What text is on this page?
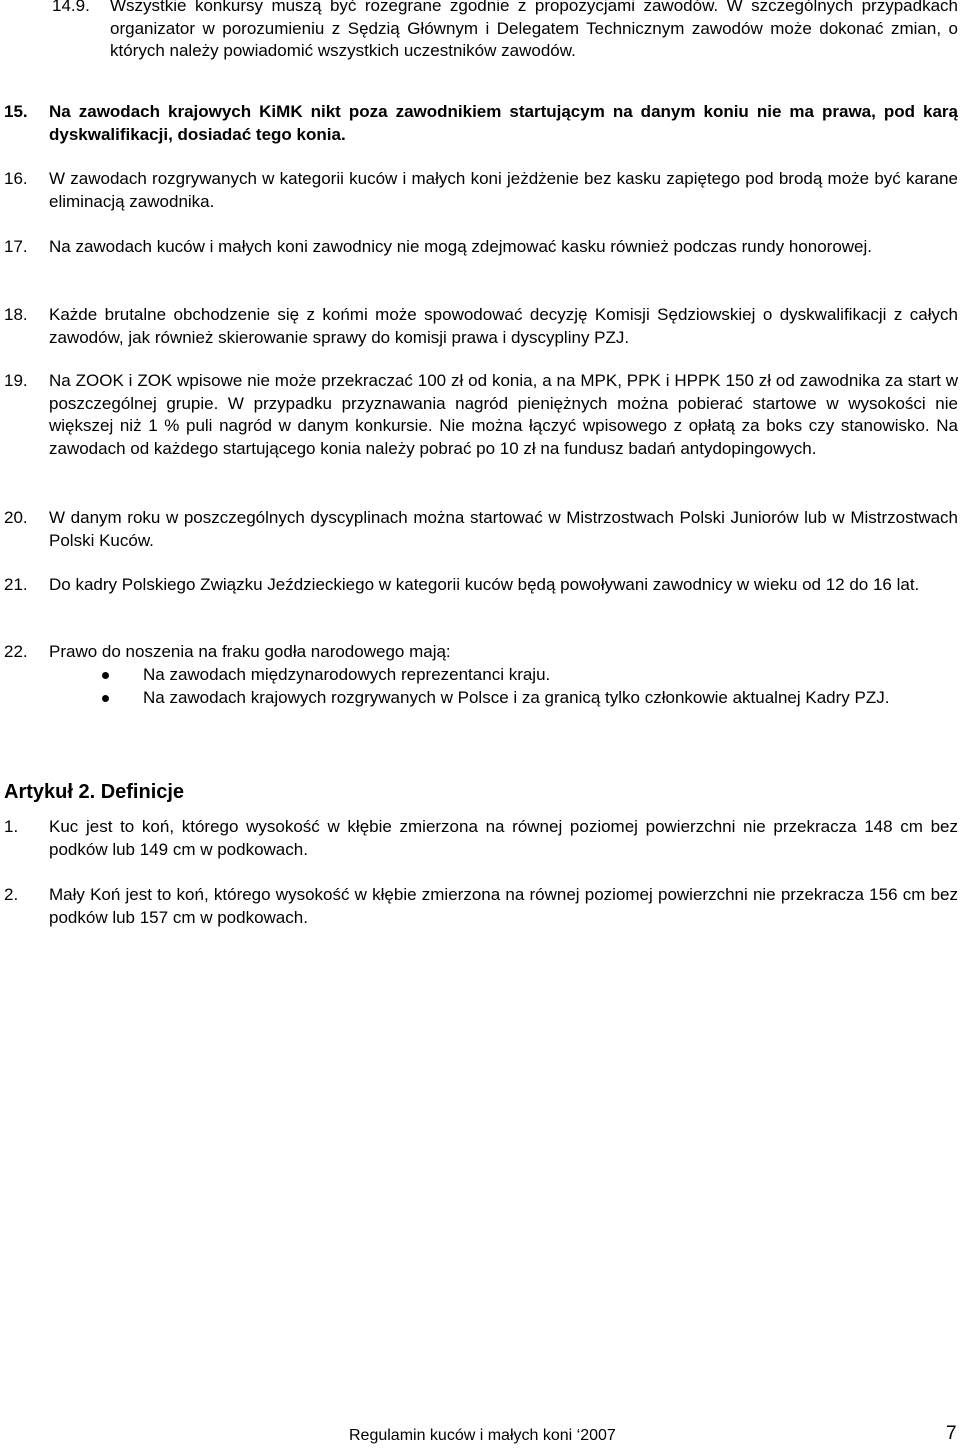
14.9. Wszystkie konkursy muszą być rozegrane zgodnie z propozycjami zawodów. W szczególnych przypadkach organizator w porozumieniu z Sędzią Głównym i Delegatem Technicznym zawodów może dokonać zmian, o których należy powiadomić wszystkich uczestników zawodów.
15. Na zawodach krajowych KiMK nikt poza zawodnikiem startującym na danym koniu nie ma prawa, pod karą dyskwalifikacji, dosiadać tego konia.
16. W zawodach rozgrywanych w kategorii kuców i małych koni jeżdżenie bez kasku zapiętego pod brodą może być karane eliminacją zawodnika.
17. Na zawodach kuców i małych koni zawodnicy nie mogą zdejmować kasku również podczas rundy honorowej.
18. Każde brutalne obchodzenie się z końmi może spowodować decyzję Komisji Sędziowskiej o dyskwalifikacji z całych zawodów, jak również skierowanie sprawy do komisji prawa i dyscypliny PZJ.
19. Na ZOOK i ZOK wpisowe nie może przekraczać 100 zł od konia, a na MPK, PPK i HPPK 150 zł od zawodnika za start w poszczególnej grupie. W przypadku przyznawania nagród pieniężnych można pobierać startowe w wysokości nie większej niż 1 % puli nagród w danym konkursie. Nie można łączyć wpisowego z opłatą za boks czy stanowisko. Na zawodach od każdego startującego konia należy pobrać po 10 zł na fundusz badań antydopingowych.
20. W danym roku w poszczególnych dyscyplinach można startować w Mistrzostwach Polski Juniorów lub w Mistrzostwach Polski Kuców.
21. Do kadry Polskiego Związku Jeździeckiego w kategorii kuców będą powoływani zawodnicy w wieku od 12 do 16 lat.
22. Prawo do noszenia na fraku godła narodowego mają:
Na zawodach międzynarodowych reprezentanci kraju.
Na zawodach krajowych rozgrywanych w Polsce i za granicą tylko członkowie aktualnej Kadry PZJ.
Artykuł 2. Definicje
1. Kuc jest to koń, którego wysokość w kłębie zmierzona na równej poziomej powierzchni nie przekracza 148 cm bez podków lub 149 cm w podkowach.
2. Mały Koń jest to koń, którego wysokość w kłębie zmierzona na równej poziomej powierzchni nie przekracza 156 cm bez podków lub 157 cm w podkowach.
Regulamin kuców i małych koni ‘2007	7
